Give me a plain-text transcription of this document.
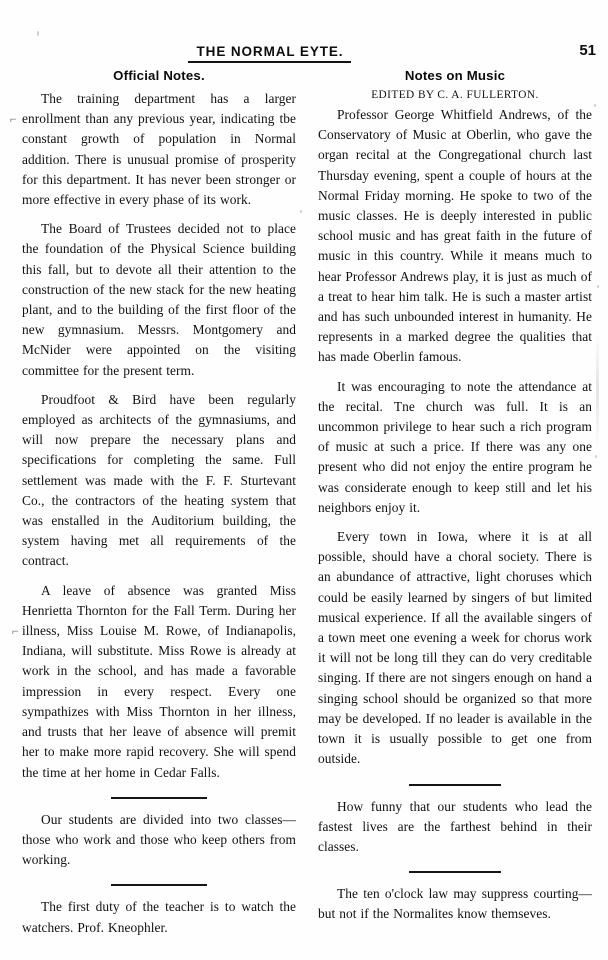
THE NORMAL EYTE.	51
⌐
⌐
Official Notes.

The training department has a larger enrollment than any previous year, indicating tbe constant growth of population in Normal addition. There is unusual promise of prosperity for this department. It has never been stronger or more effective in every phase of its work.

The Board of Trustees decided not to place the foundation of the Physical Science building this fall, but to devote all their attention to the construction of the new stack for the new heating plant, and to the building of the first floor of the new gymnasium. Messrs. Montgomery and McNider were appointed on the visiting committee for the present term.

Proudfoot & Bird have been regularly employed as architects of the gymnasiums, and will now prepare the necessary plans and specifications for completing the same. Full settlement was made with the F. F. Sturtevant Co., the contractors of the heating system that was enstalled in the Auditorium building, the system having met all requirements of the contract.

A leave of absence was granted Miss Henrietta Thornton for the Fall Term. During her illness, Miss Louise M. Rowe, of Indianapolis, Indiana, will substitute. Miss Rowe is already at work in the school, and has made a favorable impression in every respect. Every one sympathizes with Miss Thornton in her illness, and trusts that her leave of absence will premit her to make more rapid recovery. She will spend the time at her home in Cedar Falls.

Our students are divided into two classes—those who work and those who keep others from working.

The first duty of the teacher is to watch the watchers. Prof. Kneophler.

Notes on Music
EDITED BY C. A. FULLERTON.

Professor George Whitfield Andrews, of the Conservatory of Music at Oberlin, who gave the organ recital at the Congregational church last Thursday evening, spent a couple of hours at the Normal Friday morning. He spoke to two of the music classes. He is deeply interested in public school music and has great faith in the future of music in this country. While it means much to hear Professor Andrews play, it is just as much of a treat to hear him talk. He is such a master artist and has such unbounded interest in humanity. He represents in a marked degree the qualities that has made Oberlin famous.

It was encouraging to note the attendance at the recital. Tne church was full. It is an uncommon privilege to hear such a rich program of music at such a price. If there was any one present who did not enjoy the entire program he was considerate enough to keep still and let his neighbors enjoy it.

Every town in Iowa, where it is at all possible, should have a choral society. There is an abundance of attractive, light choruses which could be easily learned by singers of but limited musical experience. If all the available singers of a town meet one evening a week for chorus work it will not be long till they can do very creditable singing. If there are not singers enough on hand a singing school should be organized so that more may be developed. If no leader is available in the town it is usually possible to get one from outside.

How funny that our students who lead the fastest lives are the farthest behind in their classes.

The ten o'clock law may suppress courting—but not if the Normalites know themseves.
